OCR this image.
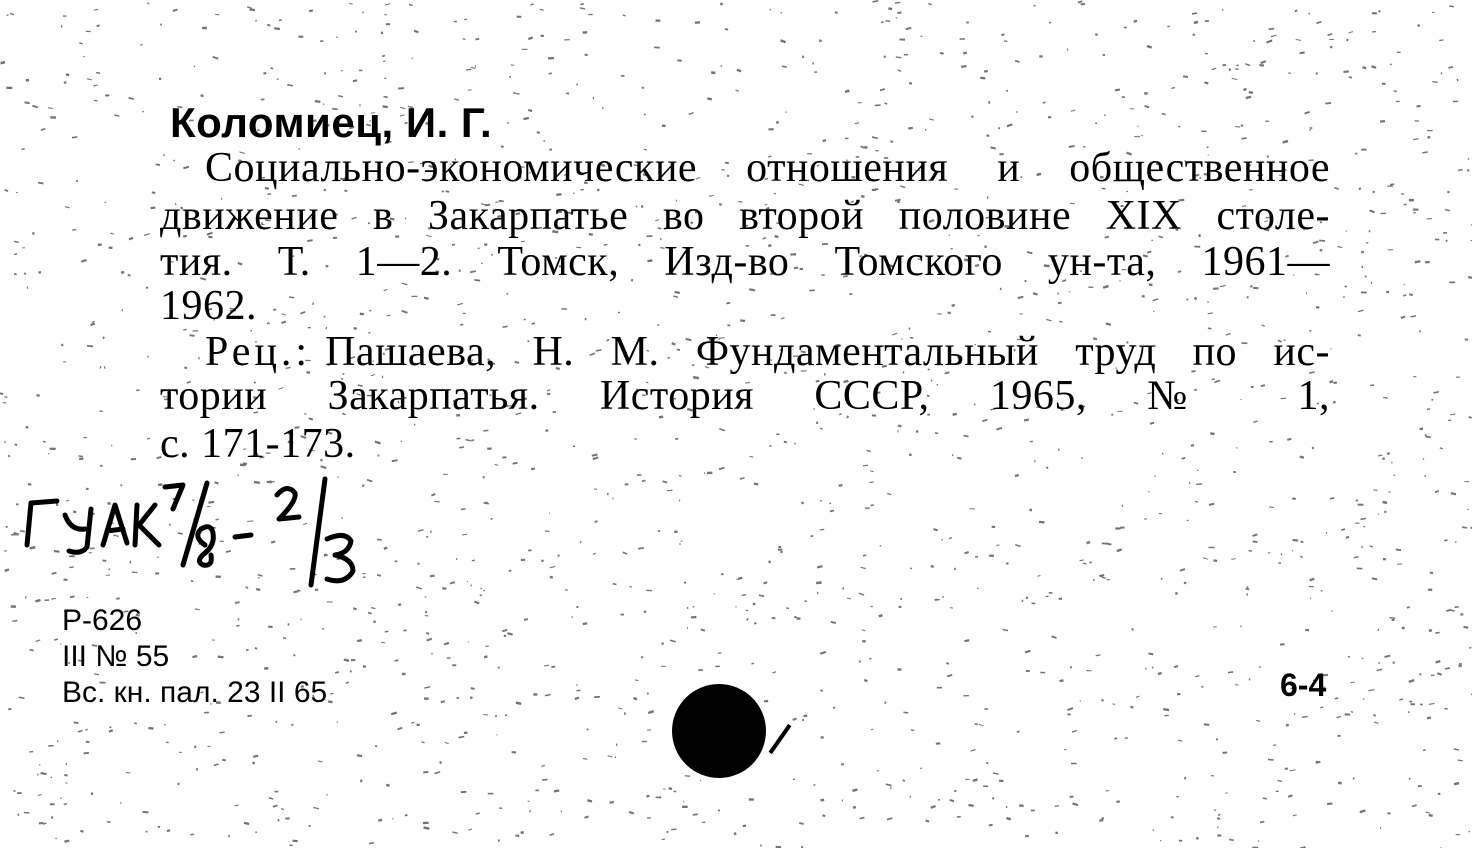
Коломиец, И. Г.
Социально-экономические отношения и общественное
движение в Закарпатье во второй половине XIX столе-
тия. Т. 1—2. Томск, Изд-во Томского ун-та, 1961—
1962.
Рец.: Пашаева, Н. М. Фундаментальный труд по ис-
тории Закарпатья. История СССР, 1965, № 1,
с. 171-173.
Р-626
III № 55
Вс. кн. пал. 23 II 65	6-4
